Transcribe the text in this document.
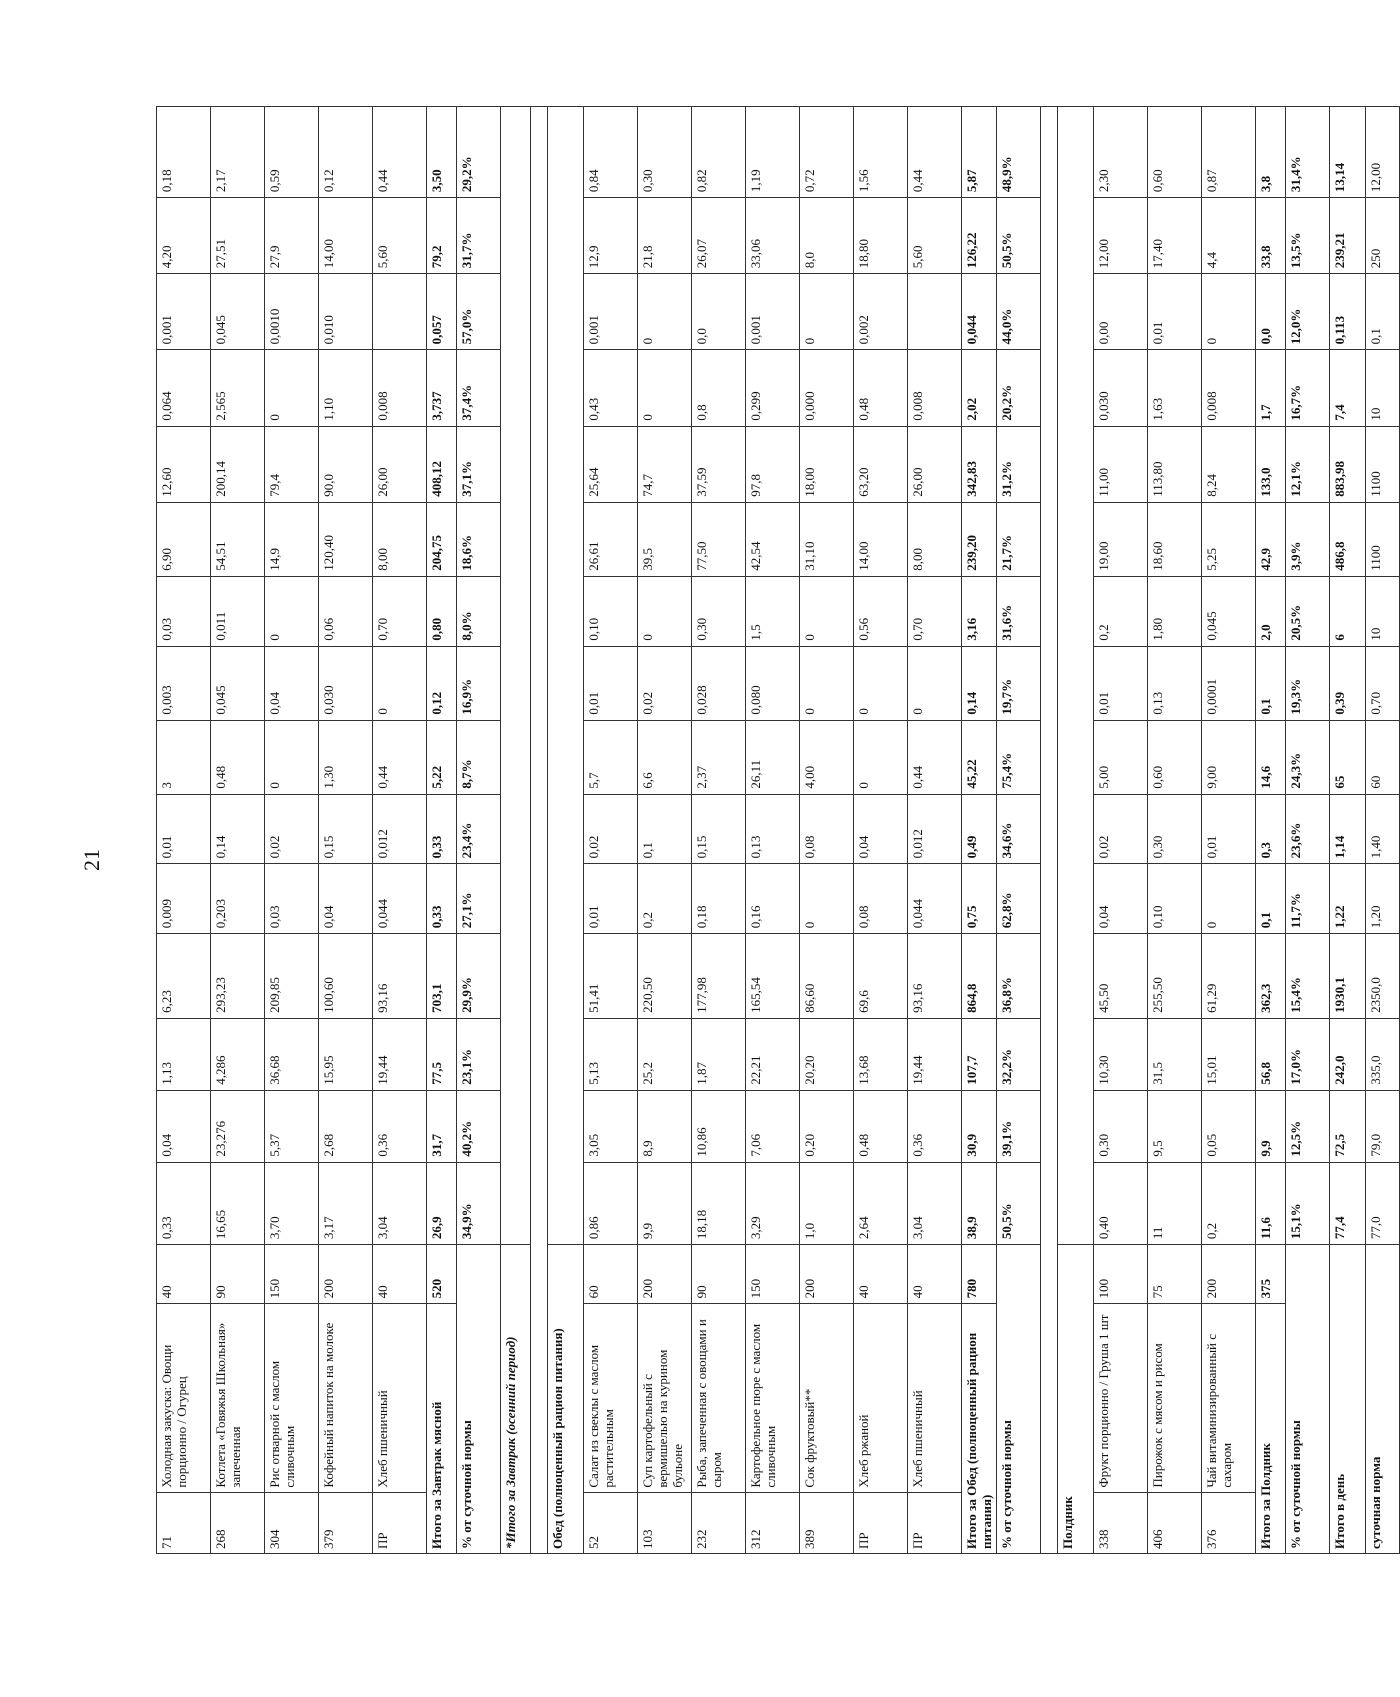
21
71	Холодная закуска: Овощи порционно / Огурец	40	0,33	0,04	1,13	6,23	0,009	0,01	3	0,003	0,03	6,90	12,60	0,064	0,001	4,20	0,18
268	Котлета «Говяжья Школьная» запеченная	90	16,65	23,276	4,286	293,23	0,203	0,14	0,48	0,045	0,011	54,51	200,14	2,565	0,045	27,51	2,17
304	Рис отварной с маслом сливочным	150	3,70	5,37	36,68	209,85	0,03	0,02	0	0,04	0	14,9	79,4	0	0,0010	27,9	0,59
379	Кофейный напиток на молоке	200	3,17	2,68	15,95	100,60	0,04	0,15	1,30	0,030	0,06	120,40	90,0	1,10	0,010	14,00	0,12
ПР	Хлеб пшеничный	40	3,04	0,36	19,44	93,16	0,044	0,012	0,44	0	0,70	8,00	26,00	0,008		5,60	0,44
Итого за Завтрак мясной		520	26,9	31,7	77,5	703,1	0,33	0,33	5,22	0,12	0,80	204,75	408,12	3,737	0,057	79,2	3,50
% от суточной нормы			34,9%	40,2%	23,1%	29,9%	27,1%	23,4%	8,7%	16,9%	8,0%	18,6%	37,1%	37,4%	57,0%	31,7%	29,2%
*Итого за Завтрак (осенний период)																	

Обед (полноценный рацион питания)																	
52	Салат из свеклы с маслом растительным	60	0,86	3,05	5,13	51,41	0,01	0,02	5,7	0,01	0,10	26,61	25,64	0,43	0,001	12,9	0,84
103	Суп картофельный с вермишелью на курином бульоне	200	9,9	8,9	25,2	220,50	0,2	0,1	6,6	0,02	0	39,5	74,7	0	0	21,8	0,30
232	Рыба, запеченная с овощами и сыром	90	18,18	10,86	1,87	177,98	0,18	0,15	2,37	0,028	0,30	77,50	37,59	0,8	0,0	26,07	0,82
312	Картофельное пюре с маслом сливочным	150	3,29	7,06	22,21	165,54	0,16	0,13	26,11	0,080	1,5	42,54	97,8	0,299	0,001	33,06	1,19
389	Сок фруктовый**	200	1,0	0,20	20,20	86,60	0	0,08	4,00	0	0	31,10	18,00	0,000	0	8,0	0,72
ПР	Хлеб ржаной	40	2,64	0,48	13,68	69,6	0,08	0,04	0	0	0,56	14,00	63,20	0,48	0,002	18,80	1,56
ПР	Хлеб пшеничный	40	3,04	0,36	19,44	93,16	0,044	0,012	0,44	0	0,70	8,00	26,00	0,008		5,60	0,44
Итого за Обед (полноценный рацион питания)		780	38,9	30,9	107,7	864,8	0,75	0,49	45,22	0,14	3,16	239,20	342,83	2,02	0,044	126,22	5,87
% от суточной нормы			50,5%	39,1%	32,2%	36,8%	62,8%	34,6%	75,4%	19,7%	31,6%	21,7%	31,2%	20,2%	44,0%	50,5%	48,9%

Полдник																	
338	Фрукт порционно / Груша 1 шт	100	0,40	0,30	10,30	45,50	0,04	0,02	5,00	0,01	0,2	19,00	11,00	0,030	0,00	12,00	2,30
406	Пирожок с мясом и рисом	75	11	9,5	31,5	255,50	0,10	0,30	0,60	0,13	1,80	18,60	113,80	1,63	0,01	17,40	0,60
376	Чай витаминизированный с сахаром	200	0,2	0,05	15,01	61,29	0	0,01	9,00	0,0001	0,045	5,25	8,24	0,008	0	4,4	0,87
Итого за Полдник		375	11,6	9,9	56,8	362,3	0,1	0,3	14,6	0,1	2,0	42,9	133,0	1,7	0,0	33,8	3,8
% от суточной нормы			15,1%	12,5%	17,0%	15,4%	11,7%	23,6%	24,3%	19,3%	20,5%	3,9%	12,1%	16,7%	12,0%	13,5%	31,4%
Итого в день			77,4	72,5	242,0	1930,1	1,22	1,14	65	0,39	6	486,8	883,98	7,4	0,113	239,21	13,14
суточная норма			77,0	79,0	335,0	2350,0	1,20	1,40	60	0,70	10	1100	1100	10	0,1	250	12,00
